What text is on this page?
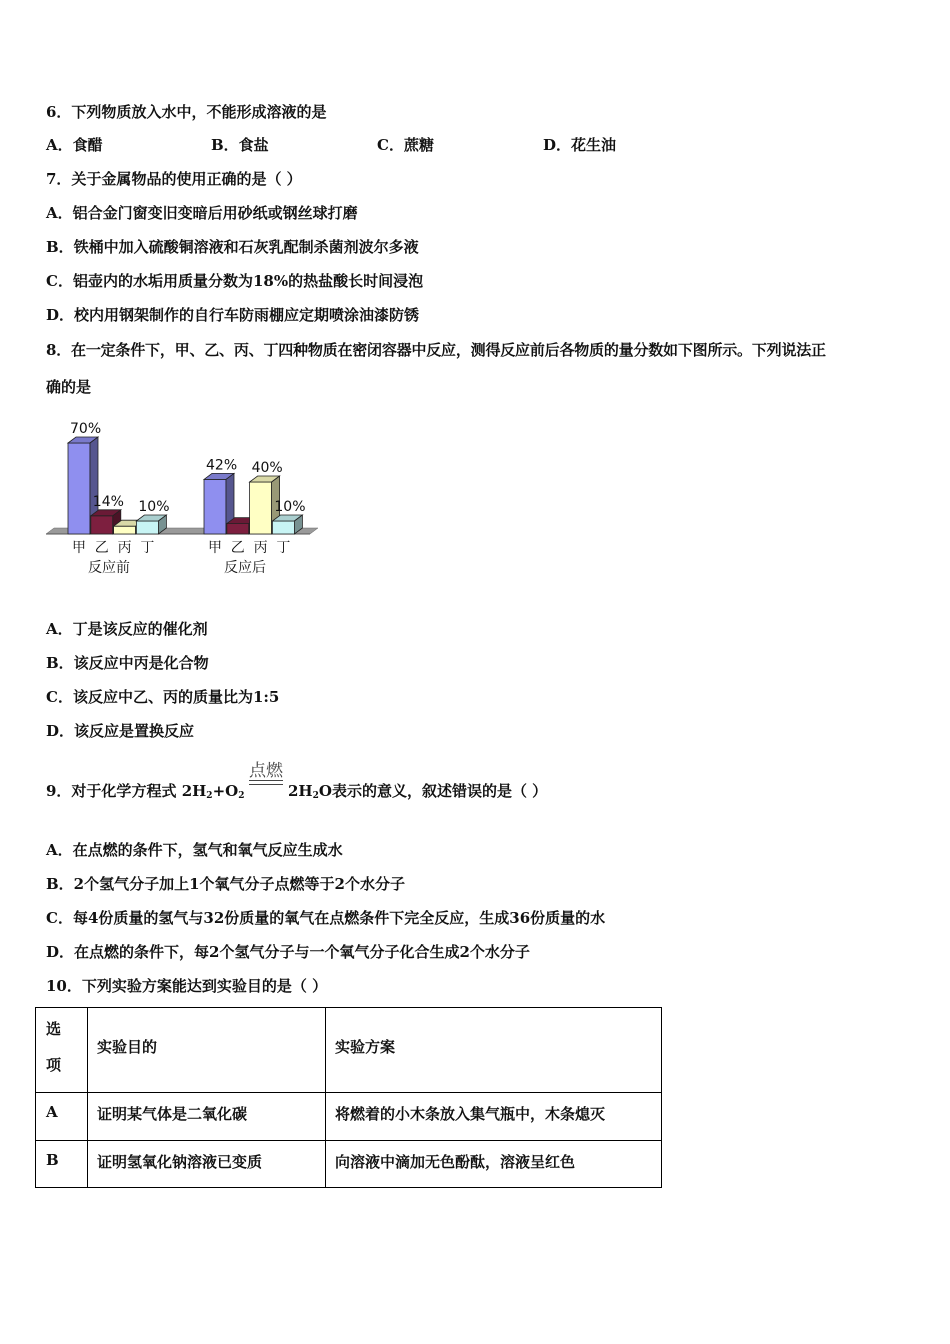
6．下列物质放入水中，不能形成溶液的是
A．食醋	B．食盐	C．蔗糖	D．花生油
7．关于金属物品的使用正确的是（ ）
A．铝合金门窗变旧变暗后用砂纸或钢丝球打磨
B．铁桶中加入硫酸铜溶液和石灰乳配制杀菌剂波尔多液
C．铝壶内的水垢用质量分数为18%的热盐酸长时间浸泡
D．校内用钢架制作的自行车防雨棚应定期喷涂油漆防锈
8．在一定条件下，甲、乙、丙、丁四种物质在密闭容器中反应，测得反应前后各物质的量分数如下图所示。下列说法正
确的是
70%
甲
14%
乙 丙
10%
丁
反应前
42%
甲 乙
40%
丙
10%
丁
反应后
A．丁是该反应的催化剂
B．该反应中丙是化合物
C．该反应中乙、丙的质量比为1:5
D．该反应是置换反应
9．对于化学方程式 $2H_2+O_2$
点燃
$2H_2O$表示的意义，叙述错误的是（ ）
A．在点燃的条件下，氢气和氧气反应生成水
B．2个氢气分子加上1个氧气分子点燃等于2个水分子
C．每4份质量的氢气与32份质量的氧气在点燃条件下完全反应，生成36份质量的水
D．在点燃的条件下，每2个氢气分子与一个氧气分子化合生成2个水分子
10．下列实验方案能达到实验目的是（ ）
选
项
实验目的	实验方案
A	证明某气体是二氧化碳	将燃着的小木条放入集气瓶中，木条熄灭
B	证明氢氧化钠溶液已变质	向溶液中滴加无色酚酞，溶液呈红色
